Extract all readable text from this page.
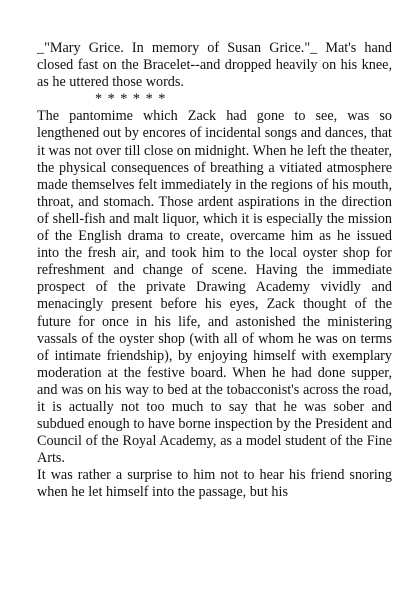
_"Mary Grice. In memory of Susan Grice."_ Mat's hand closed fast on the Bracelet--and dropped heavily on his knee, as he uttered those words.

* * * * * *

The pantomime which Zack had gone to see, was so lengthened out by encores of incidental songs and dances, that it was not over till close on midnight. When he left the theater, the physical consequences of breathing a vitiated atmosphere made themselves felt immediately in the regions of his mouth, throat, and stomach. Those ardent aspirations in the direction of shell-fish and malt liquor, which it is especially the mission of the English drama to create, overcame him as he issued into the fresh air, and took him to the local oyster shop for refreshment and change of scene. Having the immediate prospect of the private Drawing Academy vividly and menacingly present before his eyes, Zack thought of the future for once in his life, and astonished the ministering vassals of the oyster shop (with all of whom he was on terms of intimate friendship), by enjoying himself with exemplary moderation at the festive board. When he had done supper, and was on his way to bed at the tobacconist's across the road, it is actually not too much to say that he was sober and subdued enough to have borne inspection by the President and Council of the Royal Academy, as a model student of the Fine Arts.

It was rather a surprise to him not to hear his friend snoring when he let himself into the passage, but his
